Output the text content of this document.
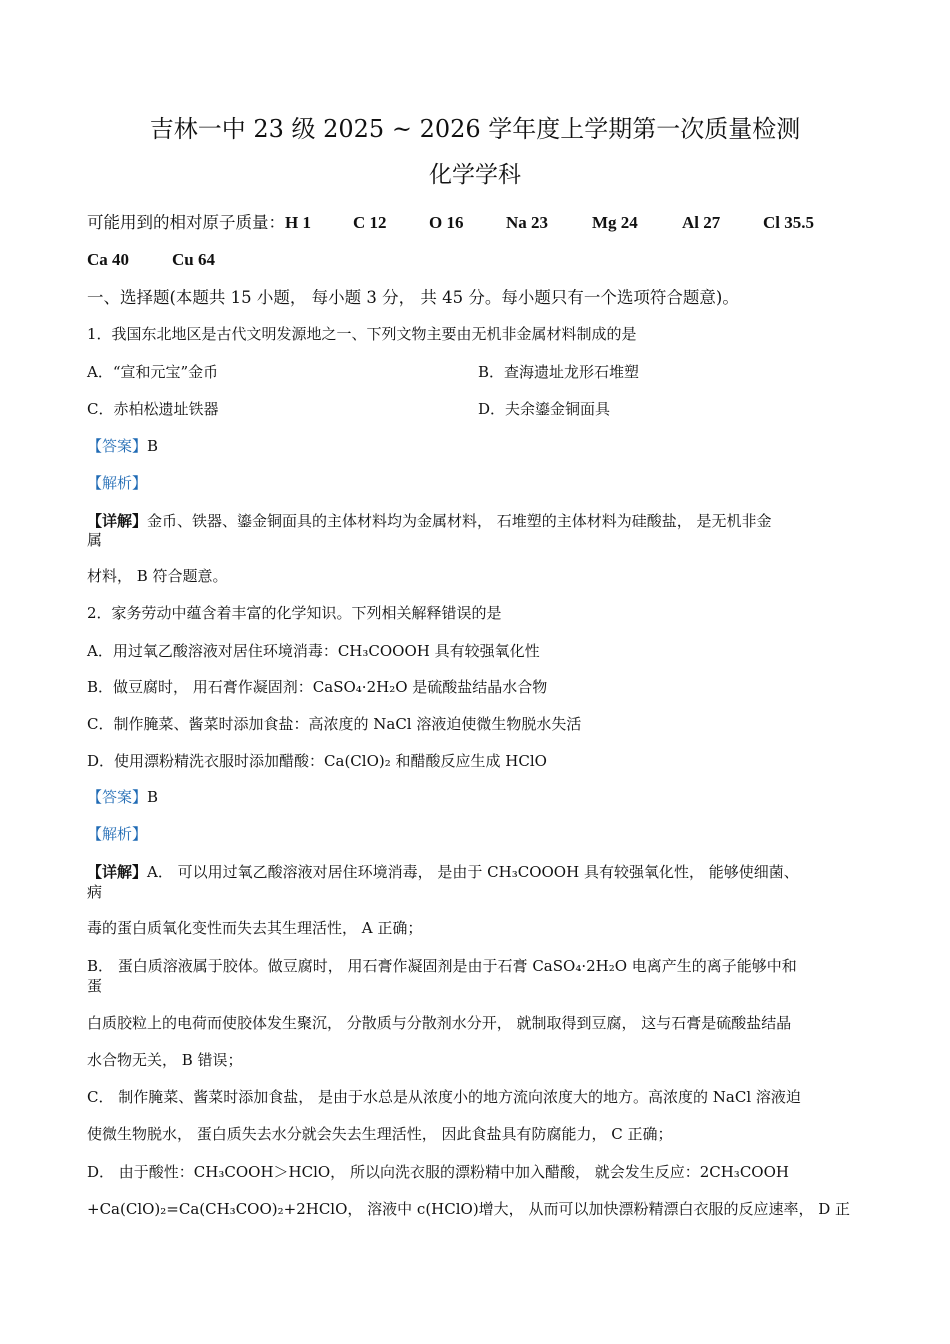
吉林一中 23 级 2025 ~ 2026 学年度上学期第一次质量检测
化学学科
可能用到的相对原子质量：H 1 C 12 O 16	Na 23	Mg 24	Al 27	Cl 35.5
Ca 40	Cu 64
一、选择题(本题共 15 小题， 每小题 3 分， 共 45 分。每小题只有一个选项符合题意)。
1．我国东北地区是古代文明发源地之一、下列文物主要由无机非金属材料制成的是
A．“宣和元宝”金币	B．查海遗址龙形石堆塑
C．赤柏松遗址铁器	D．夫余鎏金铜面具
【答案】B
【解析】
【详解】金币、铁器、鎏金铜面具的主体材料均为金属材料， 石堆塑的主体材料为硅酸盐， 是无机非金
属
材料， B 符合题意。
2．家务劳动中蕴含着丰富的化学知识。下列相关解释错误的是
A．用过氧乙酸溶液对居住环境消毒：CH₃COOOH 具有较强氧化性
B．做豆腐时， 用石膏作凝固剂：CaSO₄·2H₂O 是硫酸盐结晶水合物
C．制作腌菜、酱菜时添加食盐：高浓度的 NaCl 溶液迫使微生物脱水失活
D．使用漂粉精洗衣服时添加醋酸：Ca(ClO)₂ 和醋酸反应生成 HClO
【答案】B
【解析】
【详解】A． 可以用过氧乙酸溶液对居住环境消毒， 是由于 CH₃COOOH 具有较强氧化性， 能够使细菌、
病
毒的蛋白质氧化变性而失去其生理活性， A 正确；
B． 蛋白质溶液属于胶体。做豆腐时， 用石膏作凝固剂是由于石膏 CaSO₄·2H₂O 电离产生的离子能够中和
蛋
白质胶粒上的电荷而使胶体发生聚沉， 分散质与分散剂水分开， 就制取得到豆腐， 这与石膏是硫酸盐结晶
水合物无关， B 错误；
C． 制作腌菜、酱菜时添加食盐， 是由于水总是从浓度小的地方流向浓度大的地方。高浓度的 NaCl 溶液迫
使微生物脱水， 蛋白质失去水分就会失去生理活性， 因此食盐具有防腐能力， C 正确；
D． 由于酸性：CH₃COOH＞HClO， 所以向洗衣服的漂粉精中加入醋酸， 就会发生反应：2CH₃COOH
+Ca(ClO)₂=Ca(CH₃COO)₂+2HClO， 溶液中 c(HClO)增大， 从而可以加快漂粉精漂白衣服的反应速率， D 正
